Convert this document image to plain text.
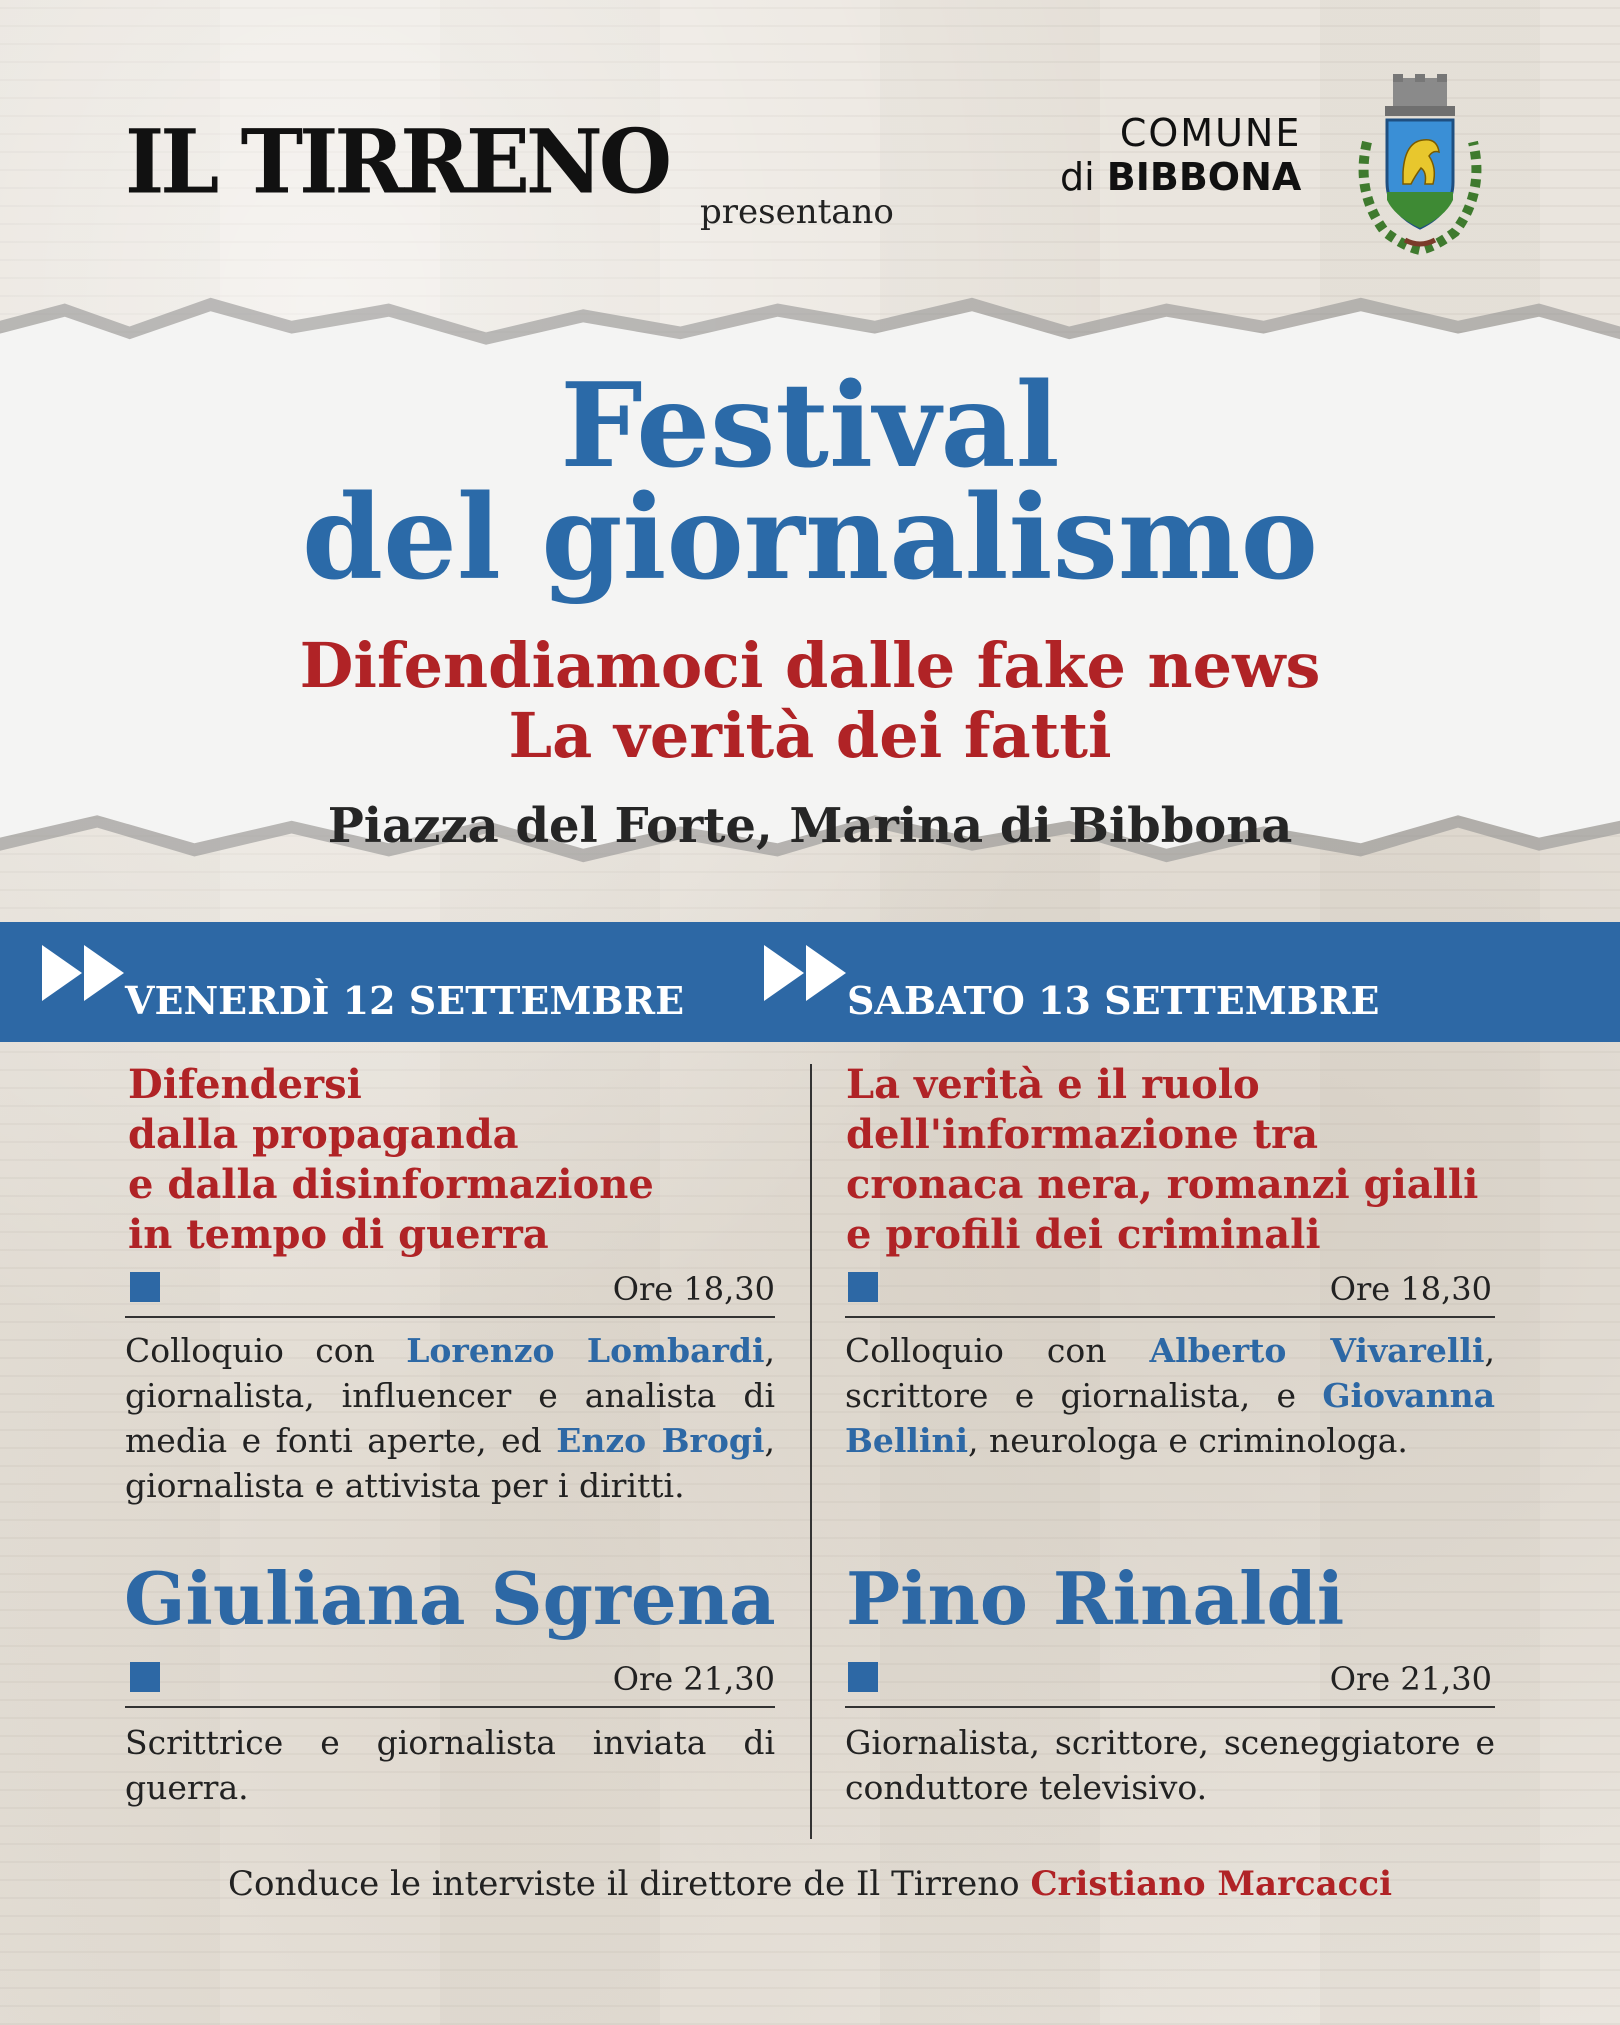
IL TIRRENO presentano
COMUNE
di BIBBONA
Festival
del giornalismo
Difendiamoci dalle fake news
La verità dei fatti
Piazza del Forte, Marina di Bibbona
VENERDÌ 12 SETTEMBRE	SABATO 13 SETTEMBRE
Difendersi
dalla propaganda
e dalla disinformazione
in tempo di guerra
Ore 18,30
Colloquio con Lorenzo Lombardi, giornalista, influencer e analista di media e fonti aperte, ed Enzo Brogi, giornalista e attivista per i diritti.
Giuliana Sgrena
Ore 21,30
Scrittrice e giornalista inviata di guerra.
La verità e il ruolo
dell'informazione tra
cronaca nera, romanzi gialli
e profili dei criminali
Ore 18,30
Colloquio con Alberto Vivarelli, scrittore e giornalista, e Giovanna Bellini, neurologa e criminologa.
Pino Rinaldi
Ore 21,30
Giornalista, scrittore, sceneggiatore e conduttore televisivo.
Conduce le interviste il direttore de Il Tirreno Cristiano Marcacci
